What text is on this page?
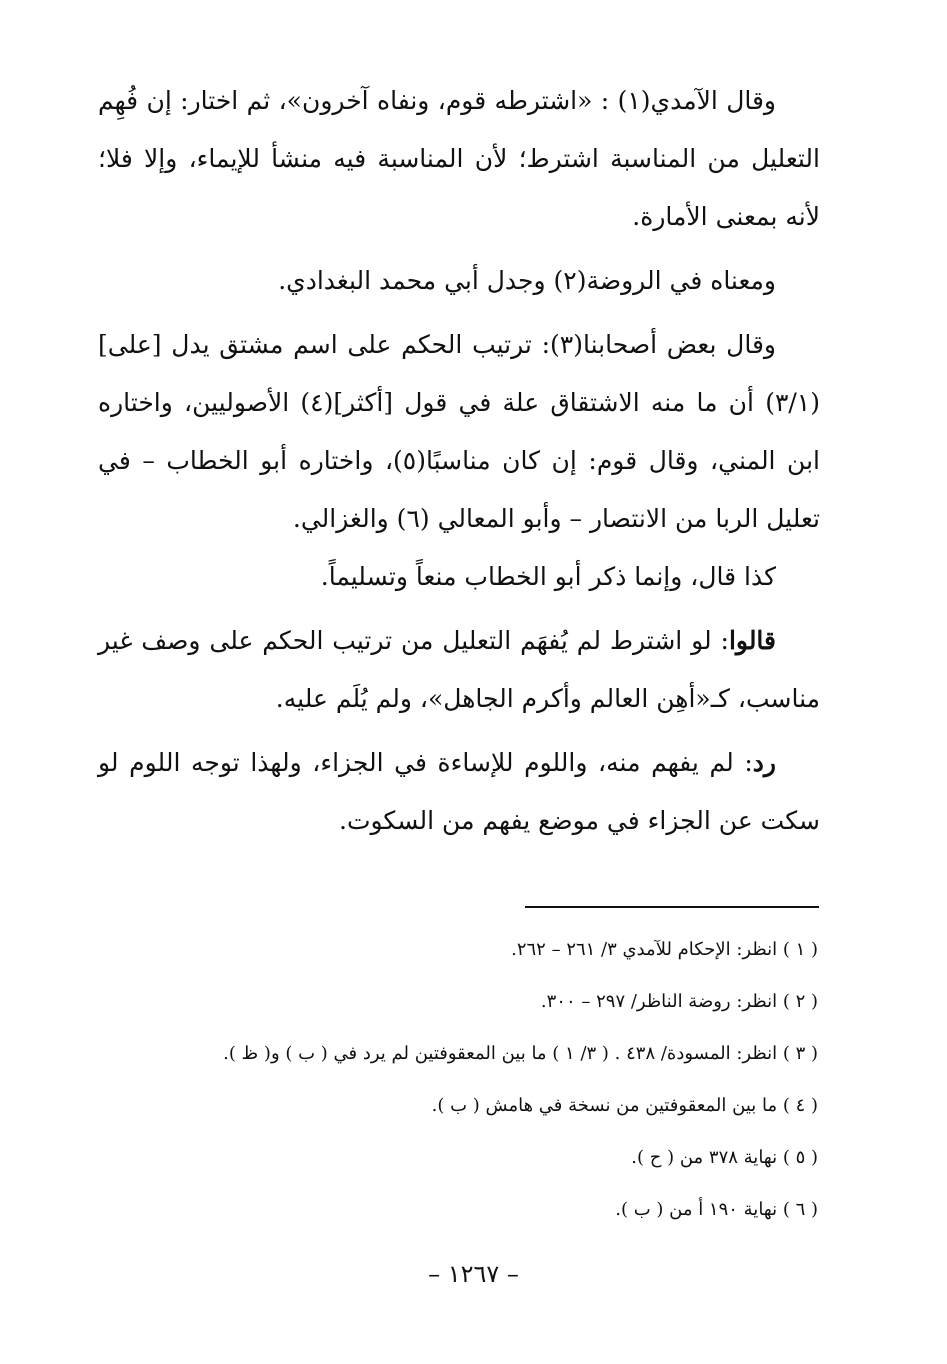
وقال الآمدي(١) : «اشترطه قوم، ونفاه آخرون»، ثم اختار: إن فُهِم التعليل من المناسبة اشترط؛ لأن المناسبة فيه منشأ للإيماء، وإلا فلا؛ لأنه بمعنى الأمارة.

ومعناه في الروضة(٢) وجدل أبي محمد البغدادي.

وقال بعض أصحابنا(٣): ترتيب الحكم على اسم مشتق يدل [على](٣/١) أن ما منه الاشتقاق علة في قول [أكثر](٤) الأصوليين، واختاره ابن المني، وقال قوم: إن كان مناسبًا(٥)، واختاره أبو الخطاب – في تعليل الربا من الانتصار – وأبو المعالي (٦) والغزالي.

كذا قال، وإنما ذكر أبو الخطاب منعاً وتسليماً.

قالوا: لو اشترط لم يُفهَم التعليل من ترتيب الحكم على وصف غير مناسب، كـ«أهِن العالم وأكرم الجاهل»، ولم يُلَم عليه.

رد: لم يفهم منه، واللوم للإساءة في الجزاء، ولهذا توجه اللوم لو سكت عن الجزاء في موضع يفهم من السكوت.

( ١ ) انظر: الإحكام للآمدي ٣/ ٢٦١ – ٢٦٢.

( ٢ ) انظر: روضة الناظر/ ٢٩٧ – ٣٠٠.

( ٣ ) انظر: المسودة/ ٤٣٨ . ( ٣/ ١ ) ما بين المعقوفتين لم يرد في ( ب ) و( ظ ).

( ٤ ) ما بين المعقوفتين من نسخة في هامش ( ب ).

( ٥ ) نهاية ٣٧٨ من ( ح ).

( ٦ ) نهاية ١٩٠ أ من ( ب ).

– ١٢٦٧ –
